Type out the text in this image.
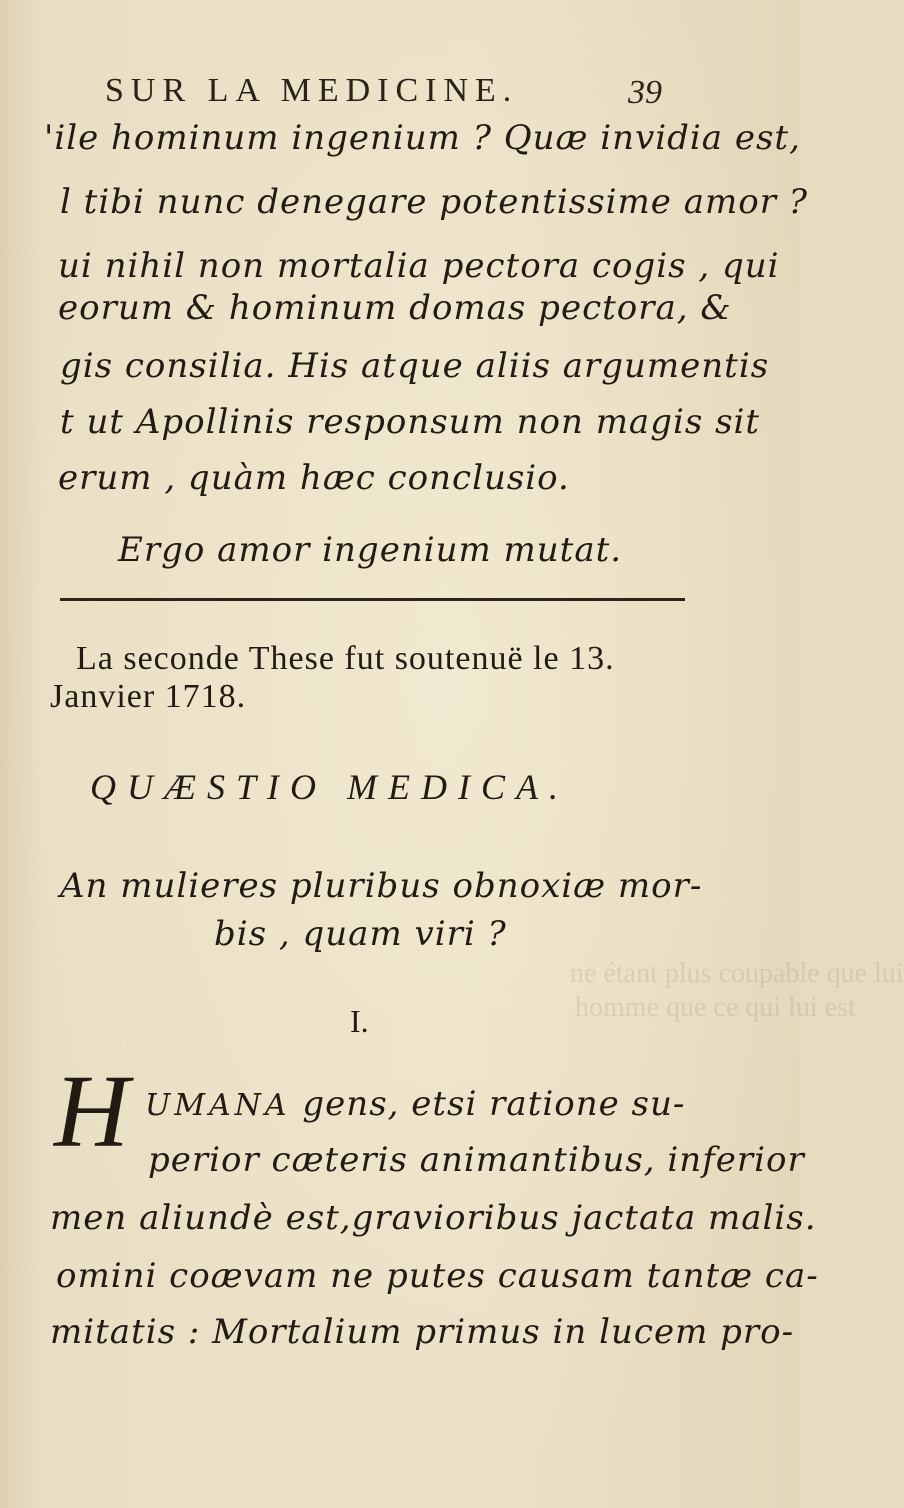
ne étant plus coupable que lui
homme que ce qui lui est
SUR LA MEDICINE.	39
'ile hominum ingenium ? Quæ invidia est,
l tibi nunc denegare potentissime amor ?
ui nihil non mortalia pectora cogis , qui
eorum & hominum domas pectora, &
gis consilia. His atque aliis argumentis
t ut Apollinis responsum non magis sit
erum , quàm hæc conclusio.
Ergo amor ingenium mutat.
La seconde These fut soutenuë le 13.
Janvier 1718.
QUÆSTIO MEDICA.
An mulieres pluribus obnoxiæ mor-
bis , quam viri ?
I.
H UMANA gens, etsi ratione su-
perior cæteris animantibus, inferior
men aliundè est,gravioribus jactata malis.
omini coævam ne putes causam tantæ ca-
mitatis : Mortalium primus in lucem pro-
